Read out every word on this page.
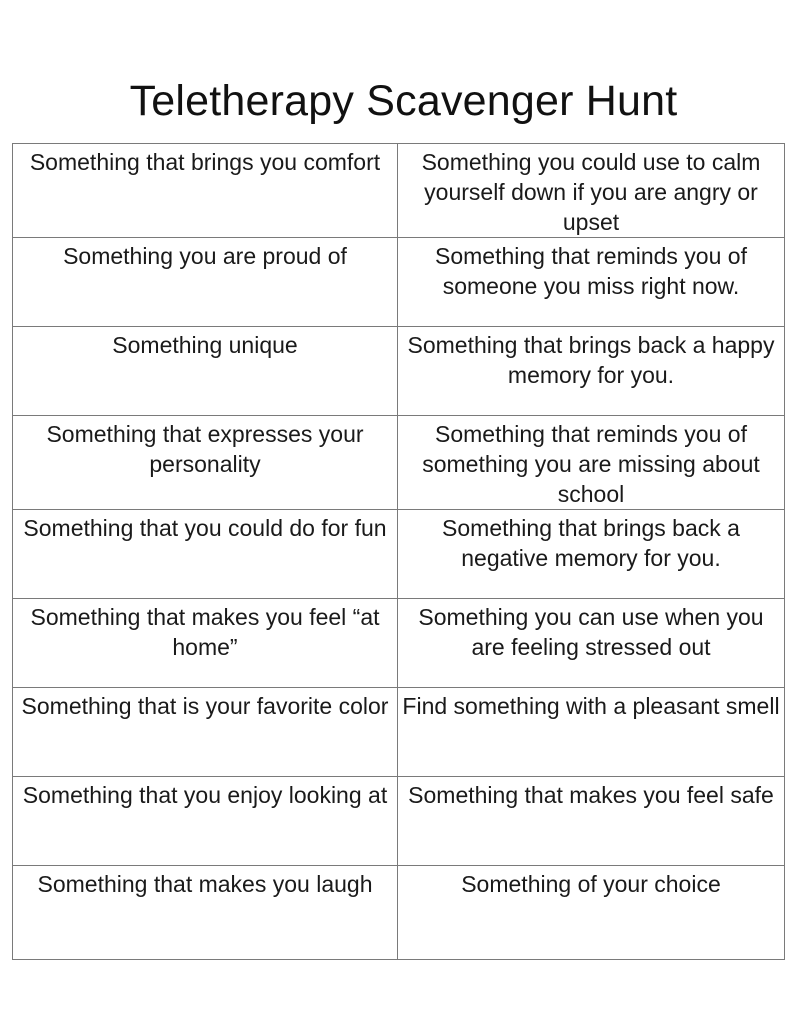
Teletherapy Scavenger Hunt
Something that brings you comfort	Something you could use to calm yourself down if you are angry or upset
Something you are proud of	Something that reminds you of someone you miss right now.
Something unique	Something that brings back a happy memory for you.
Something that expresses your personality	Something that reminds you of something you are missing about school
Something that you could do for fun	Something that brings back a negative memory for you.
Something that makes you feel “at home”	Something you can use when you are feeling stressed out
Something that is your favorite color	Find something with a pleasant smell
Something that you enjoy looking at	Something that makes you feel safe
Something that makes you laugh	Something of your choice
